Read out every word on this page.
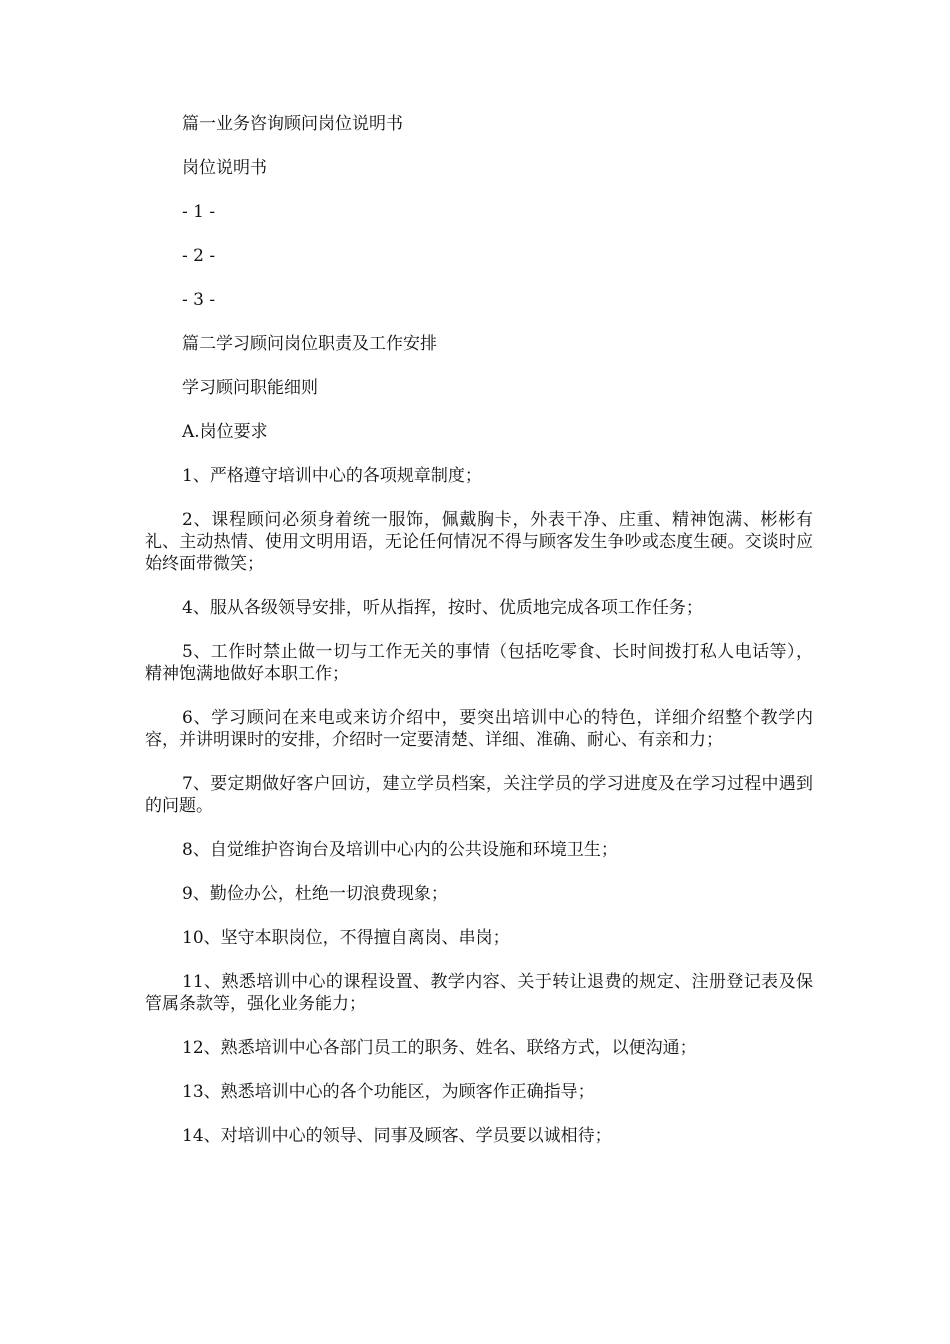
篇一业务咨询顾问岗位说明书

岗位说明书

- 1 -

- 2 -

- 3 -

篇二学习顾问岗位职责及工作安排

学习顾问职能细则

A.岗位要求

1、严格遵守培训中心的各项规章制度；

2、课程顾问必须身着统一服饰，佩戴胸卡，外表干净、庄重、精神饱满、彬彬有礼、主动热情、使用文明用语，无论任何情况不得与顾客发生争吵或态度生硬。交谈时应始终面带微笑；

4、服从各级领导安排，听从指挥，按时、优质地完成各项工作任务；

5、工作时禁止做一切与工作无关的事情（包括吃零食、长时间拨打私人电话等），精神饱满地做好本职工作；

6、学习顾问在来电或来访介绍中，要突出培训中心的特色，详细介绍整个教学内容，并讲明课时的安排，介绍时一定要清楚、详细、准确、耐心、有亲和力；

7、要定期做好客户回访，建立学员档案，关注学员的学习进度及在学习过程中遇到的问题。

8、自觉维护咨询台及培训中心内的公共设施和环境卫生；

9、勤俭办公，杜绝一切浪费现象；

10、坚守本职岗位，不得擅自离岗、串岗；

11、熟悉培训中心的课程设置、教学内容、关于转让退费的规定、注册登记表及保管属条款等，强化业务能力；

12、熟悉培训中心各部门员工的职务、姓名、联络方式，以便沟通；

13、熟悉培训中心的各个功能区，为顾客作正确指导；

14、对培训中心的领导、同事及顾客、学员要以诚相待；
